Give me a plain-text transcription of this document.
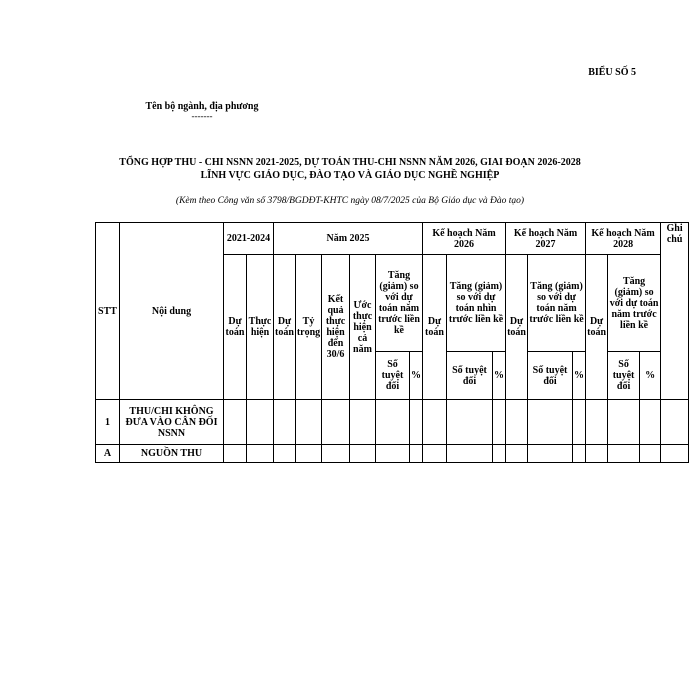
BIỂU SỐ 5
Tên bộ ngành, địa phương
-------
TỔNG HỢP THU - CHI NSNN 2021-2025, DỰ TOÁN THU-CHI NSNN NĂM 2026, GIAI ĐOẠN 2026-2028
LĨNH VỰC GIÁO DỤC, ĐÀO TẠO VÀ GIÁO DỤC NGHỀ NGHIỆP
(Kèm theo Công văn số 3798/BGDĐT-KHTC ngày 08/7/2025 của Bộ Giáo dục và Đào tạo)
STT	Nội dung	2021-2024		Năm 2025						Kế hoạch Năm 2026			Kế hoạch Năm 2027			Kế hoạch Năm 2028			Ghi chú
		Dự toán	Thực hiện	Dự toán	Tỷ trọng	Kết quả thực hiện đến 30/6	Ước thực hiện cả năm	Tăng (giảm) so với dự toán năm trước liền kề		Dự toán	Tăng (giảm) so với dự toán nhìn trước liền kề		Dự toán	Tăng (giảm) so với dự toán năm trước liền kề		Dự toán	Tăng (giảm) so với dự toán năm trước liền kề		
								Số tuyệt đối	%		Số tuyệt đối	%		Số tuyệt đối	%		Số tuyệt đối	%	
1	THU/CHI KHÔNG ĐƯA VÀO CÂN ĐỐI NSNN																		
A	NGUỒN THU																		
